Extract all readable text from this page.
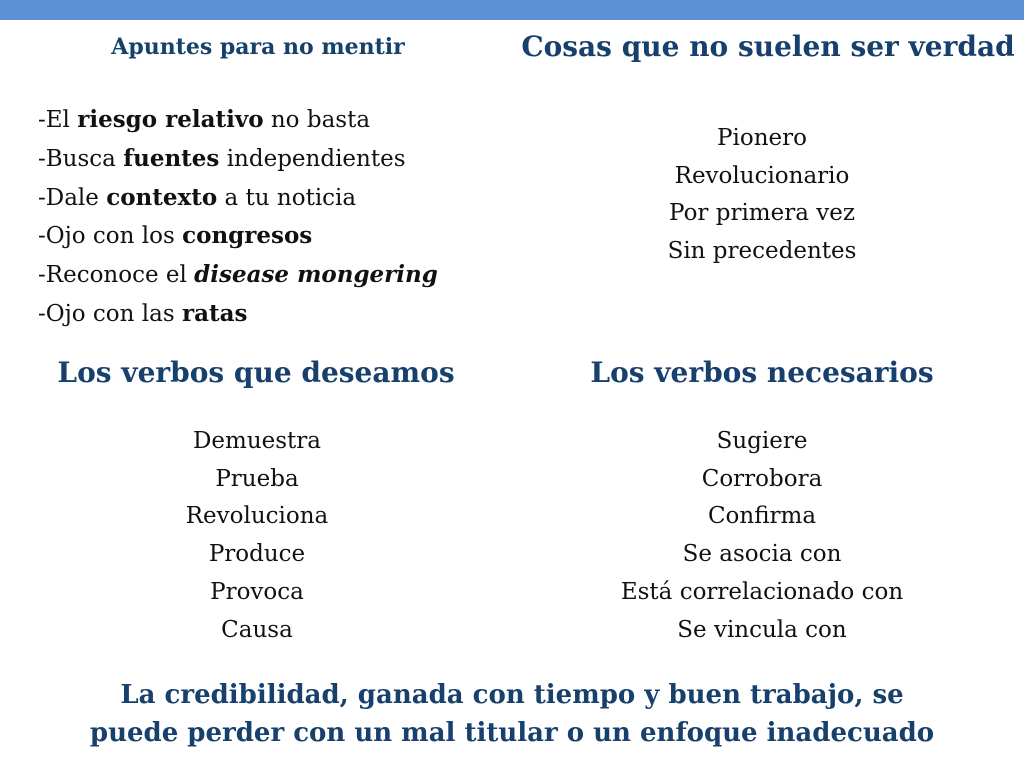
Apuntes para no mentir
-El riesgo relativo no basta
-Busca fuentes independientes
-Dale contexto a tu noticia
-Ojo con los congresos
-Reconoce el disease mongering
-Ojo con las ratas
Cosas que no suelen ser verdad
Pionero
Revolucionario
Por primera vez
Sin precedentes
Los verbos que deseamos
Demuestra
Prueba
Revoluciona
Produce
Provoca
Causa
Los verbos necesarios
Sugiere
Corrobora
Confirma
Se asocia con
Está correlacionado con
Se vincula con
La credibilidad, ganada con tiempo y buen trabajo, se
puede perder con un mal titular o un enfoque inadecuado
